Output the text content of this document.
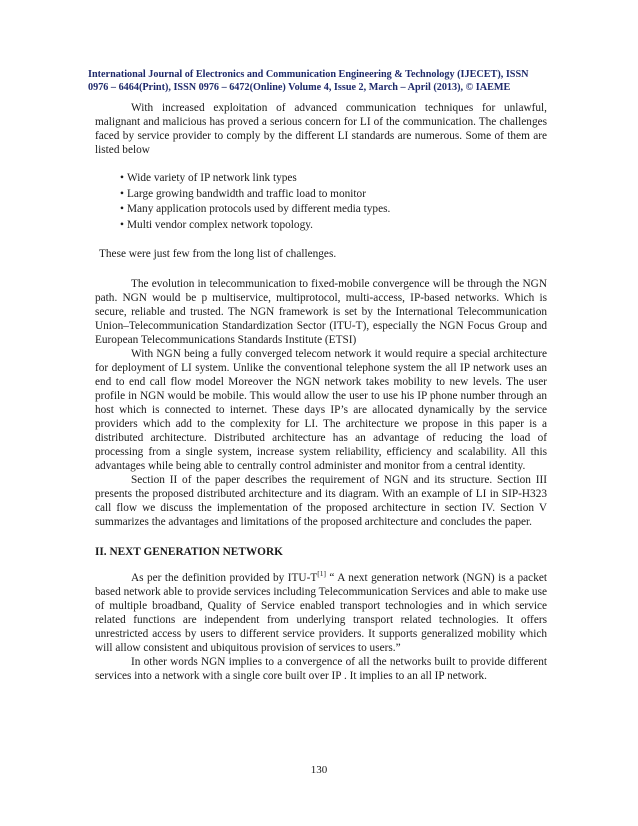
International Journal of Electronics and Communication Engineering & Technology (IJECET), ISSN
0976 – 6464(Print), ISSN 0976 – 6472(Online) Volume 4, Issue 2, March – April (2013), © IAEME

With increased exploitation of advanced communication techniques for unlawful, malignant and malicious has proved a serious concern for LI of the communication. The challenges faced by service provider to comply by the different LI standards are numerous. Some of them are listed below

• Wide variety of IP network link types
• Large growing bandwidth and traffic load to monitor
• Many application protocols used by different media types.
• Multi vendor complex network topology.

These were just few from the long list of challenges.

The evolution in telecommunication to fixed-mobile convergence will be through the NGN path. NGN would be p multiservice, multiprotocol, multi-access, IP-based networks. Which is secure, reliable and trusted. The NGN framework is set by the International Telecommunication Union–Telecommunication Standardization Sector (ITU-T), especially the NGN Focus Group and European Telecommunications Standards Institute (ETSI)

With NGN being a fully converged telecom network it would require a special architecture for deployment of LI system. Unlike the conventional telephone system the all IP network uses an end to end call flow model Moreover the NGN network takes mobility to new levels. The user profile in NGN would be mobile. This would allow the user to use his IP phone number through an host which is connected to internet. These days IP’s are allocated dynamically by the service providers which add to the complexity for LI. The architecture we propose in this paper is a distributed architecture. Distributed architecture has an advantage of reducing the load of processing from a single system, increase system reliability, efficiency and scalability. All this advantages while being able to centrally control administer and monitor from a central identity.

Section II of the paper describes the requirement of NGN and its structure. Section III presents the proposed distributed architecture and its diagram. With an example of LI in SIP-H323 call flow we discuss the implementation of the proposed architecture in section IV. Section V summarizes the advantages and limitations of the proposed architecture and concludes the paper.

II. NEXT GENERATION NETWORK

As per the definition provided by ITU-T[1] “ A next generation network (NGN) is a packet based network able to provide services including Telecommunication Services and able to make use of multiple broadband, Quality of Service enabled transport technologies and in which service related functions are independent from underlying transport related technologies. It offers unrestricted access by users to different service providers. It supports generalized mobility which will allow consistent and ubiquitous provision of services to users.”

In other words NGN implies to a convergence of all the networks built to provide different services into a network with a single core built over IP . It implies to an all IP network.

130
